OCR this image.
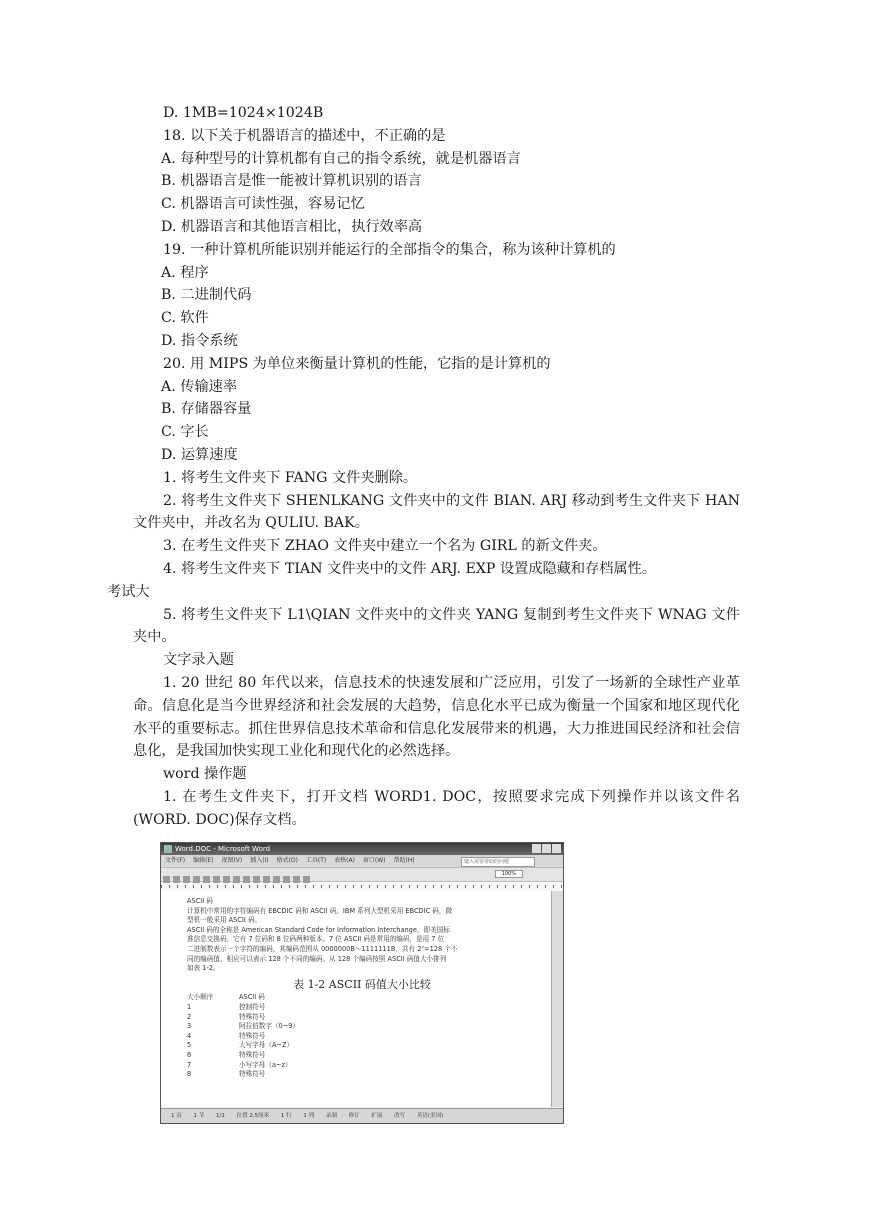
D. 1MB=1024×1024B
18. 以下关于机器语言的描述中，不正确的是
A. 每种型号的计算机都有自己的指令系统，就是机器语言
B. 机器语言是惟一能被计算机识别的语言
C. 机器语言可读性强，容易记忆
D. 机器语言和其他语言相比，执行效率高
19. 一种计算机所能识别并能运行的全部指令的集合，称为该种计算机的
A. 程序
B. 二进制代码
C. 软件
D. 指令系统
20. 用 MIPS 为单位来衡量计算机的性能，它指的是计算机的
A. 传输速率
B. 存储器容量
C. 字长
D. 运算速度
1. 将考生文件夹下 FANG 文件夹删除。
2. 将考生文件夹下 SHENLKANG 文件夹中的文件 BIAN. ARJ 移动到考生文件夹下 HAN 文件夹中，并改名为 QULIU. BAK。
3. 在考生文件夹下 ZHAO 文件夹中建立一个名为 GIRL 的新文件夹。
4. 将考生文件夹下 TIAN 文件夹中的文件 ARJ. EXP 设置成隐藏和存档属性。
考试大
5. 将考生文件夹下 L1\QIAN 文件夹中的文件夹 YANG 复制到考生文件夹下 WNAG 文件夹中。
文字录入题
1. 20 世纪 80 年代以来，信息技术的快速发展和广泛应用，引发了一场新的全球性产业革命。信息化是当今世界经济和社会发展的大趋势，信息化水平已成为衡量一个国家和地区现代化水平的重要标志。抓住世界信息技术革命和信息化发展带来的机遇，大力推进国民经济和社会信息化，是我国加快实现工业化和现代化的必然选择。
word 操作题
1. 在考生文件夹下，打开文档 WORD1. DOC，按照要求完成下列操作并以该文件名(WORD. DOC)保存文档。
Word.DOC - Microsoft Word
文件(F) 编辑(E) 视图(V) 插入(I) 格式(O) 工具(T) 表格(A) 窗口(W) 帮助(H)	键入需要帮助的问题
100%
ASCII 码
计算机中常用的字符编码有 EBCDIC 码和 ASCII 码。IBM 系列大型机采用 EBCDIC 码，微
型机一般采用 ASCII 码。
ASCII 码的全称是 American Standard Code for Information Interchange，即美国标
准信息交换码。它有 7 位码和 8 位码两种版本。7 位 ASCII 码是常用的编码，是用 7 位
二进制数表示一个字符的编码，其编码范围从 0000000B～1111111B，共有 2⁷=128 个不
同的编码值，相应可以表示 128 个不同的编码。从 128 个编码按照 ASCII 码值大小排列
如表 1-2。
表 1-2 ASCII 码值大小比较
大小顺序	ASCII 码
1	控制符号
2	特殊符号
3	阿拉伯数字（0~9）
4	特殊符号
5	大写字母（A~Z）
6	特殊符号
7	小写字母（a~z）
8	特殊符号
1 页 1 节 1/1 位置 2.5厘米 1 行 1 列 录制 修订 扩展 改写 英语(美国)
